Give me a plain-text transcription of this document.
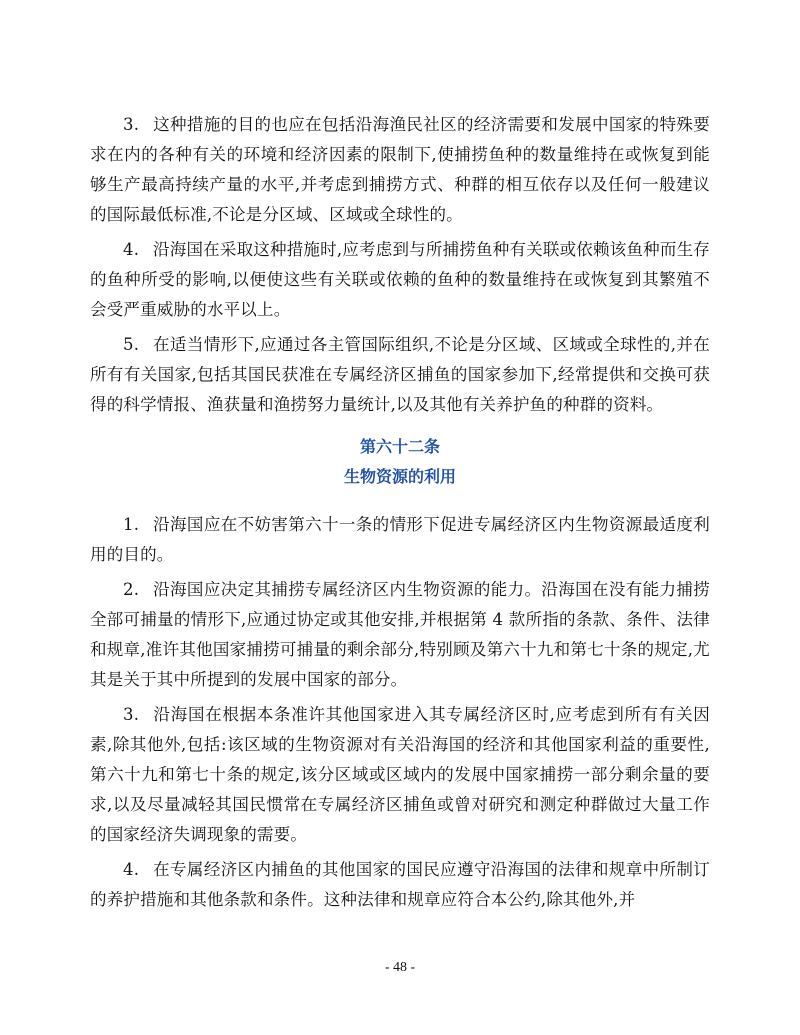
3. 这种措施的目的也应在包括沿海渔民社区的经济需要和发展中国家的特殊要求在内的各种有关的环境和经济因素的限制下,使捕捞鱼种的数量维持在或恢复到能够生产最高持续产量的水平,并考虑到捕捞方式、种群的相互依存以及任何一般建议的国际最低标准,不论是分区域、区域或全球性的。

4. 沿海国在采取这种措施时,应考虑到与所捕捞鱼种有关联或依赖该鱼种而生存的鱼种所受的影响,以便使这些有关联或依赖的鱼种的数量维持在或恢复到其繁殖不会受严重威胁的水平以上。

5. 在适当情形下,应通过各主管国际组织,不论是分区域、区域或全球性的,并在所有有关国家,包括其国民获准在专属经济区捕鱼的国家参加下,经常提供和交换可获得的科学情报、渔获量和渔捞努力量统计,以及其他有关养护鱼的种群的资料。

第六十二条

生物资源的利用

1. 沿海国应在不妨害第六十一条的情形下促进专属经济区内生物资源最适度利用的目的。

2. 沿海国应决定其捕捞专属经济区内生物资源的能力。沿海国在没有能力捕捞全部可捕量的情形下,应通过协定或其他安排,并根据第 4 款所指的条款、条件、法律和规章,准许其他国家捕捞可捕量的剩余部分,特别顾及第六十九和第七十条的规定,尤其是关于其中所提到的发展中国家的部分。

3. 沿海国在根据本条准许其他国家进入其专属经济区时,应考虑到所有有关因素,除其他外,包括:该区域的生物资源对有关沿海国的经济和其他国家利益的重要性,第六十九和第七十条的规定,该分区域或区域内的发展中国家捕捞一部分剩余量的要求,以及尽量减轻其国民惯常在专属经济区捕鱼或曾对研究和测定种群做过大量工作的国家经济失调现象的需要。

4. 在专属经济区内捕鱼的其他国家的国民应遵守沿海国的法律和规章中所制订的养护措施和其他条款和条件。这种法律和规章应符合本公约,除其他外,并

- 48 -
